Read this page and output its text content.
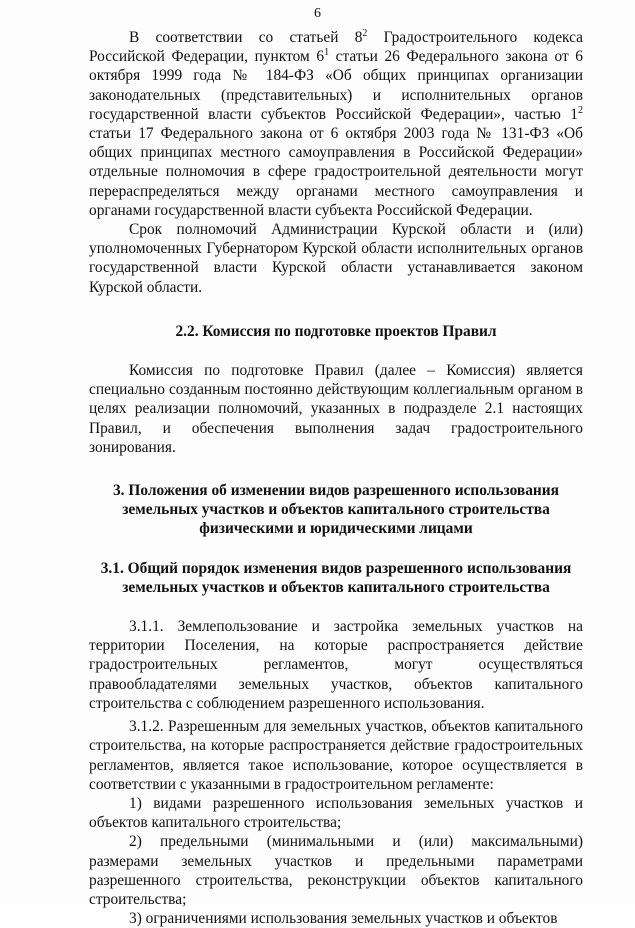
6

В соответствии со статьей $8^2$ Градостроительного кодекса Российской Федерации, пунктом $6^1$ статьи 26 Федерального закона от 6 октября 1999 года № 184-ФЗ «Об общих принципах организации законодательных (представительных) и исполнительных органов государственной власти субъектов Российской Федерации», частью $1^2$ статьи 17 Федерального закона от 6 октября 2003 года № 131-ФЗ «Об общих принципах местного самоуправления в Российской Федерации» отдельные полномочия в сфере градостроительной деятельности могут перераспределяться между органами местного самоуправления и органами государственной власти субъекта Российской Федерации.

Срок полномочий Администрации Курской области и (или) уполномоченных Губернатором Курской области исполнительных органов государственной власти Курской области устанавливается законом Курской области.

2.2. Комиссия по подготовке проектов Правил

Комиссия по подготовке Правил (далее – Комиссия) является специально созданным постоянно действующим коллегиальным органом в целях реализации полномочий, указанных в подразделе 2.1 настоящих Правил, и обеспечения выполнения задач градостроительного зонирования.

3. Положения об изменении видов разрешенного использования
земельных участков и объектов капитального строительства
физическими и юридическими лицами
3.1. Общий порядок изменения видов разрешенного использования
земельных участков и объектов капитального строительства

3.1.1. Землепользование и застройка земельных участков на территории Поселения, на которые распространяется действие градостроительных регламентов, могут осуществляться правообладателями земельных участков, объектов капитального строительства с соблюдением разрешенного использования.

3.1.2. Разрешенным для земельных участков, объектов капитального строительства, на которые распространяется действие градостроительных регламентов, является такое использование, которое осуществляется в соответствии с указанными в градостроительном регламенте:

1) видами разрешенного использования земельных участков и объектов капитального строительства;

2) предельными (минимальными и (или) максимальными) размерами земельных участков и предельными параметрами разрешенного строительства, реконструкции объектов капитального строительства;

3) ограничениями использования земельных участков и объектов
